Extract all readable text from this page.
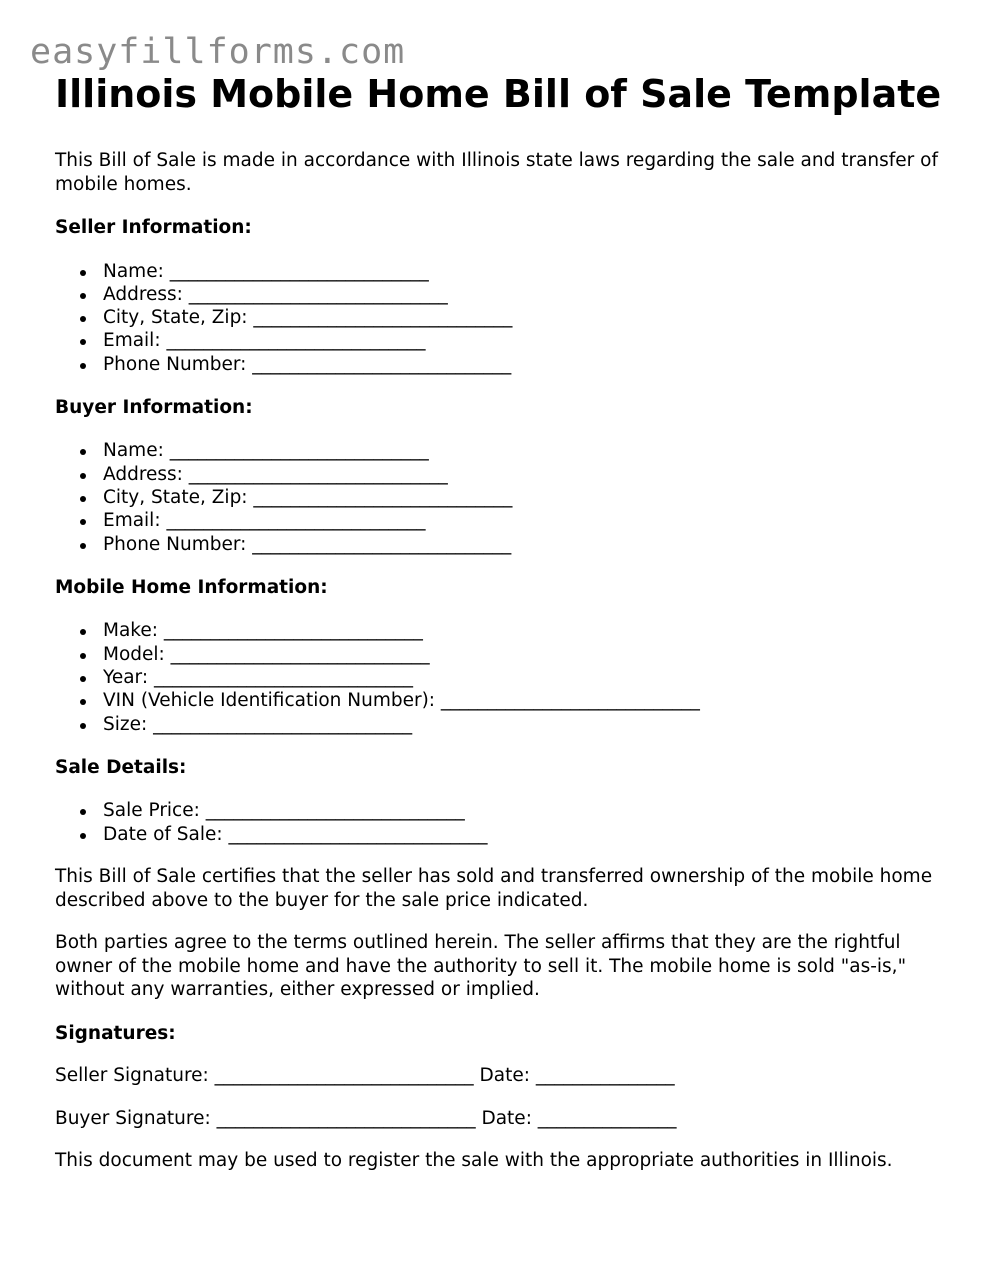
easyfillforms.com
Illinois Mobile Home Bill of Sale Template

This Bill of Sale is made in accordance with Illinois state laws regarding the sale and transfer of mobile homes.

Seller Information:
Name: ____________________________
Address: ____________________________
City, State, Zip: ____________________________
Email: ____________________________
Phone Number: ____________________________
Buyer Information:
Name: ____________________________
Address: ____________________________
City, State, Zip: ____________________________
Email: ____________________________
Phone Number: ____________________________
Mobile Home Information:
Make: ____________________________
Model: ____________________________
Year: ____________________________
VIN (Vehicle Identification Number): ____________________________
Size: ____________________________
Sale Details:
Sale Price: ____________________________
Date of Sale: ____________________________

This Bill of Sale certifies that the seller has sold and transferred ownership of the mobile home described above to the buyer for the sale price indicated.

Both parties agree to the terms outlined herein. The seller affirms that they are the rightful owner of the mobile home and have the authority to sell it. The mobile home is sold "as-is," without any warranties, either expressed or implied.

Signatures:

Seller Signature: ____________________________ Date: _______________

Buyer Signature: ____________________________ Date: _______________

This document may be used to register the sale with the appropriate authorities in Illinois.
